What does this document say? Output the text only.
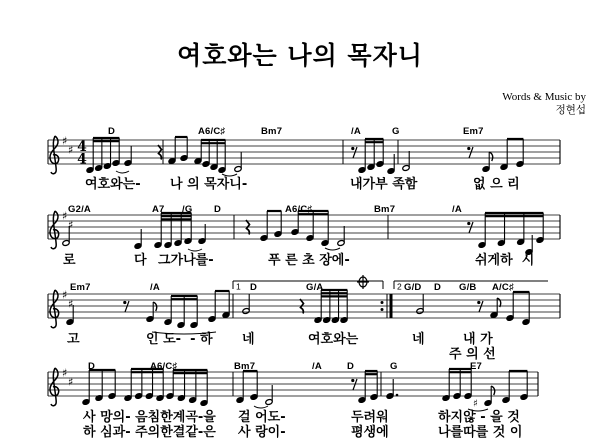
여호와는 나의 목자니
Words & Music by
정현섭
♯
♯ 4
4
♯
♯
♯
♯
1	2
♯
♯
♯
D	A6/C♯	Bm7	/A	G	Em7
여호와는- 나 의 목자니-	내가부 족함	없 으 리
G2/A	A7 /G D	A6/C♯	Bm7	/A
로	다 그가나를-	푸 른 초 장에-	쉬게하  시
Em7	/A	D	G/A	G/D D G/B A/C♯
고	인 도-  - 하 네	여호와는	네	내 가
주 의 선
D	A6/C♯	Bm7	/A	D	G	E7
사 망의- 음침한계곡-을 걸 어도-	두려워	하지않 - 을 것
하 심과- 주의한결같-은 사 랑이-	평생에	나를따를 것 이
